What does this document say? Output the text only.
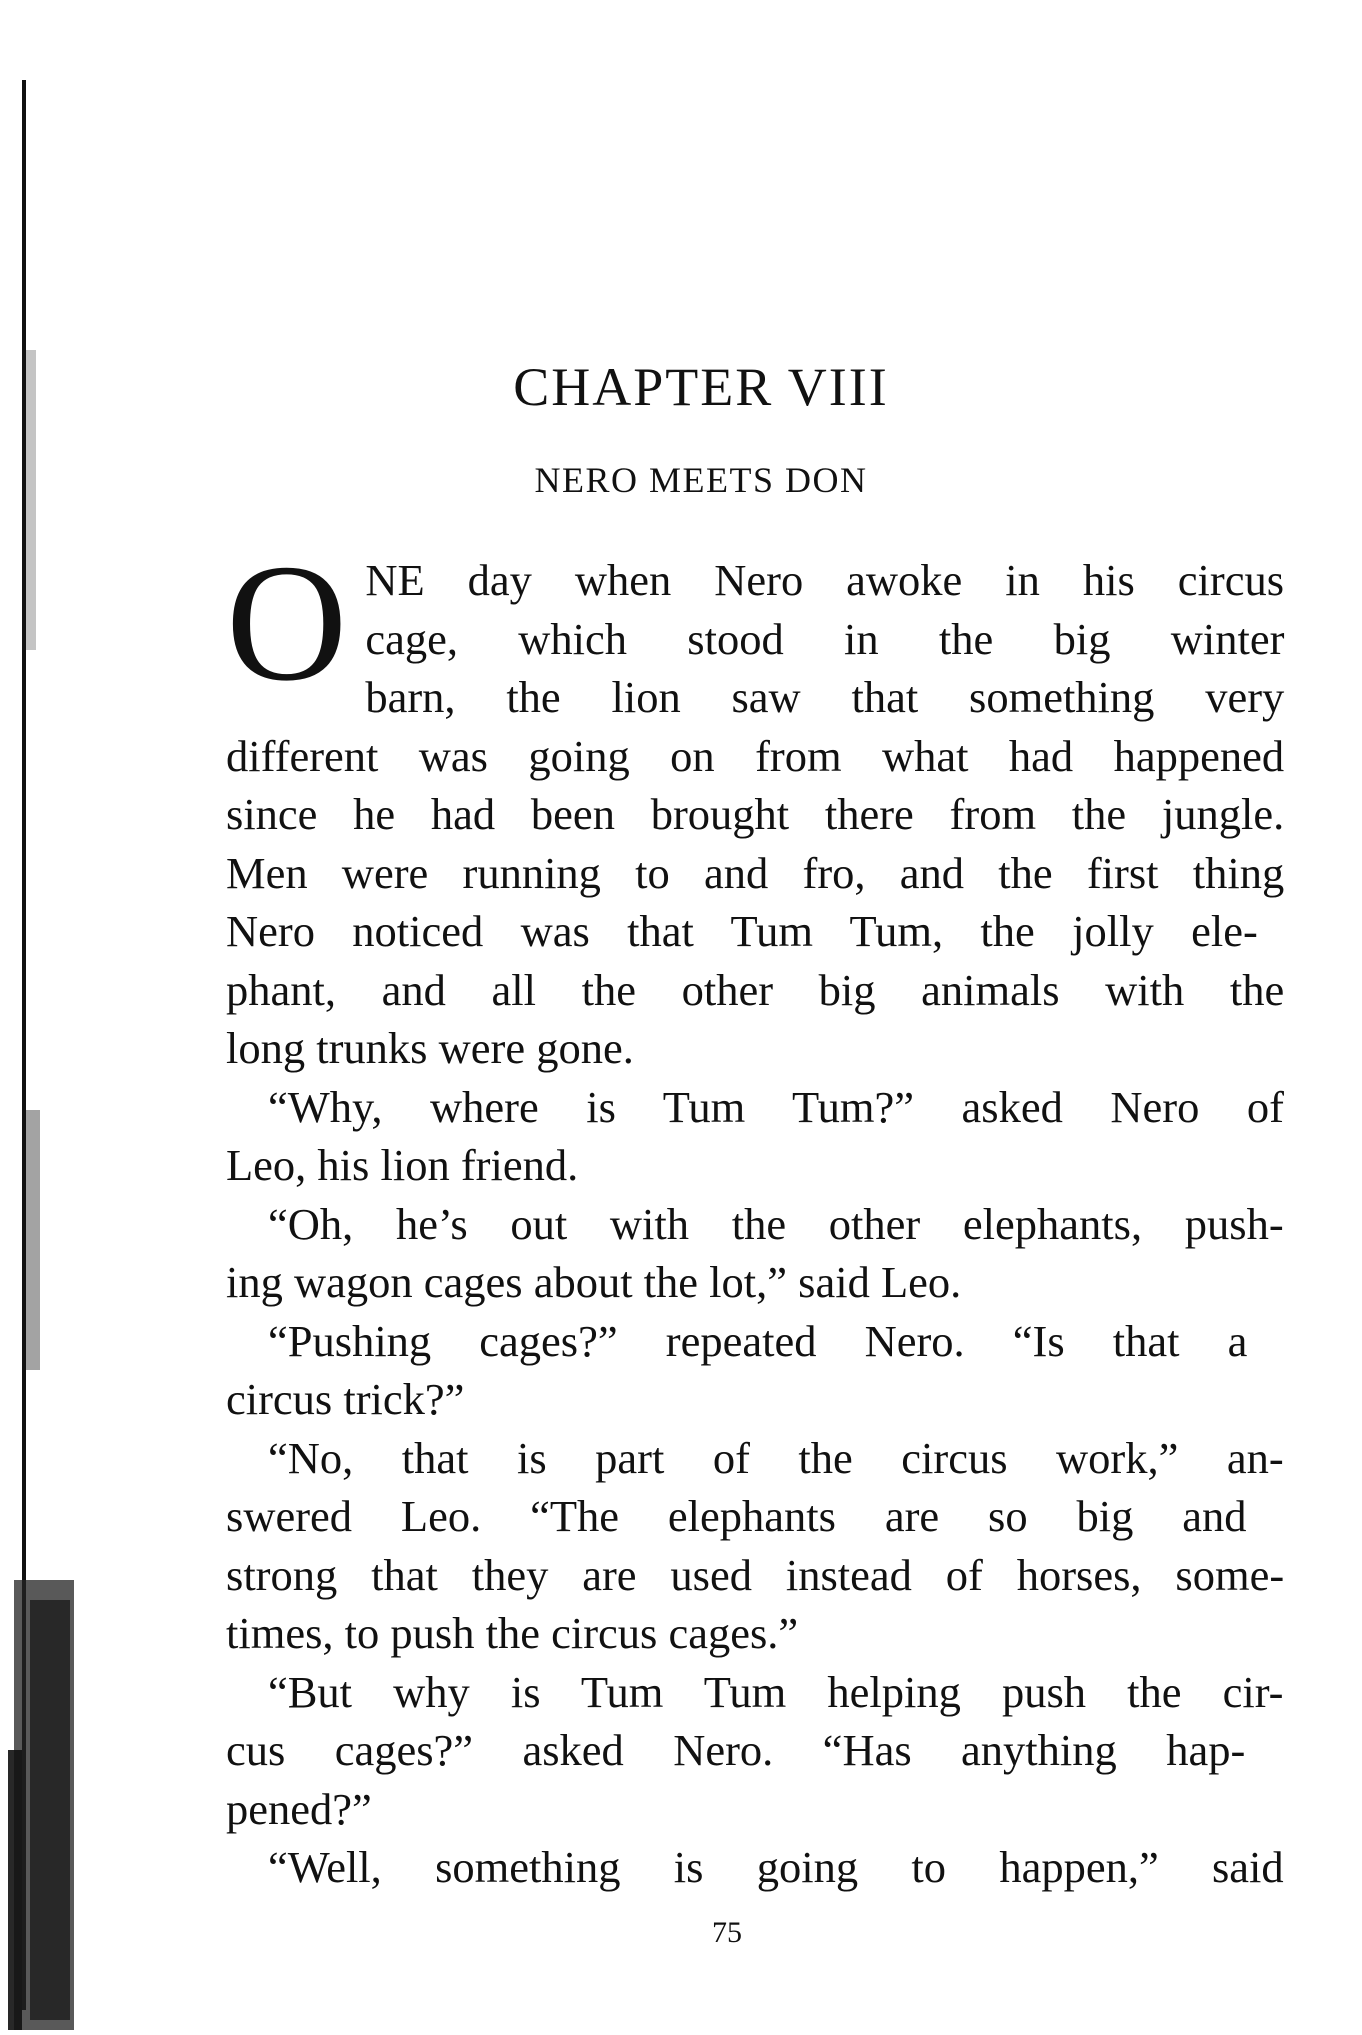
CHAPTER VIII
NERO MEETS DON
O NE day when Nero awoke in his circus
cage, which stood in the big winter
barn, the lion saw that something very
different was going on from what had happened
since he had been brought there from the jungle.
Men were running to and fro, and the first thing
Nero noticed was that Tum Tum, the jolly ele-
phant, and all the other big animals with the
long trunks were gone.
“Why, where is Tum Tum?” asked Nero of
Leo, his lion friend.
“Oh, he’s out with the other elephants, push-
ing wagon cages about the lot,” said Leo.
“Pushing cages?” repeated Nero. “Is that a
circus trick?”
“No, that is part of the circus work,” an-
swered Leo. “The elephants are so big and
strong that they are used instead of horses, some-
times, to push the circus cages.”
“But why is Tum Tum helping push the cir-
cus cages?” asked Nero. “Has anything hap-
pened?”
“Well, something is going to happen,” said
75
